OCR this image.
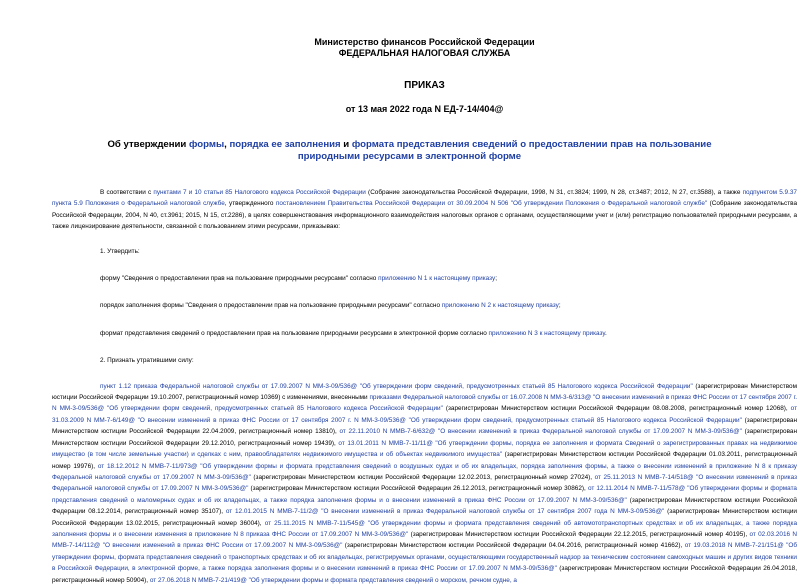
Министерство финансов Российской Федерации
ФЕДЕРАЛЬНАЯ НАЛОГОВАЯ СЛУЖБА
ПРИКАЗ
от 13 мая 2022 года N ЕД-7-14/404@
Об утверждении формы, порядка ее заполнения и формата представления сведений о предоставлении прав на пользование природными ресурсами в электронной форме

В соответствии с пунктами 7 и 10 статьи 85 Налогового кодекса Российской Федерации (Собрание законодательства Российской Федерации, 1998, N 31, ст.3824; 1999, N 28, ст.3487; 2012, N 27, ст.3588), а также подпунктом 5.9.37 пункта 5.9 Положения о Федеральной налоговой службе, утвержденного постановлением Правительства Российской Федерации от 30.09.2004 N 506 "Об утверждении Положения о Федеральной налоговой службе" (Собрание законодательства Российской Федерации, 2004, N 40, ст.3961; 2015, N 15, ст.2286), в целях совершенствования информационного взаимодействия налоговых органов с органами, осуществляющими учет и (или) регистрацию пользователей природными ресурсами, а также лицензирование деятельности, связанной с пользованием этими ресурсами, приказываю:

1. Утвердить:

форму "Сведения о предоставлении прав на пользование природными ресурсами" согласно приложению N 1 к настоящему приказу;

порядок заполнения формы "Сведения о предоставлении прав на пользование природными ресурсами" согласно приложению N 2 к настоящему приказу;

формат представления сведений о предоставлении прав на пользование природными ресурсами в электронной форме согласно приложению N 3 к настоящему приказу.

2. Признать утратившими силу:

пункт 1.12 приказа Федеральной налоговой службы от 17.09.2007 N ММ-3-09/536@ "Об утверждении форм сведений, предусмотренных статьей 85 Налогового кодекса Российской Федерации" (зарегистрирован Министерством юстиции Российской Федерации 19.10.2007, регистрационный номер 10369) с изменениями, внесенными приказами Федеральной налоговой службы от 16.07.2008 N ММ-3-6/313@ "О внесении изменений в приказ ФНС России от 17 сентября 2007 г. N ММ-3-09/536@ "Об утверждении форм сведений, предусмотренных статьей 85 Налогового кодекса Российской Федерации" (зарегистрирован Министерством юстиции Российской Федерации 08.08.2008, регистрационный номер 12068), от 31.03.2009 N ММ-7-6/149@ "О внесении изменений в приказ ФНС России от 17 сентября 2007 г. N ММ-3-09/536@ "Об утверждении форм сведений, предусмотренных статьей 85 Налогового кодекса Российской Федерации" (зарегистрирован Министерством юстиции Российской Федерации 22.04.2009, регистрационный номер 13810), от 22.11.2010 N ММВ-7-6/632@ "О внесении изменений в приказ Федеральной налоговой службы от 17.09.2007 N ММ-3-09/536@" (зарегистрирован Министерством юстиции Российской Федерации 29.12.2010, регистрационный номер 19439), от 13.01.2011 N ММВ-7-11/11@ "Об утверждении формы, порядка ее заполнения и формата Сведений о зарегистрированных правах на недвижимое имущество (в том числе земельные участки) и сделках с ним, правообладателях недвижимого имущества и об объектах недвижимого имущества" (зарегистрирован Министерством юстиции Российской Федерации 01.03.2011, регистрационный номер 19976), от 18.12.2012 N ММВ-7-11/973@ "Об утверждении формы и формата представления сведений о воздушных судах и об их владельцах, порядка заполнения формы, а также о внесении изменений в приложение N 8 к приказу Федеральной налоговой службы от 17.09.2007 N ММ-3-09/536@" (зарегистрирован Министерством юстиции Российской Федерации 12.02.2013, регистрационный номер 27024), от 25.11.2013 N ММВ-7-14/518@ "О внесении изменений в приказ Федеральной налоговой службы от 17.09.2007 N ММ-3-09/536@" (зарегистрирован Министерством юстиции Российской Федерации 26.12.2013, регистрационный номер 30862), от 12.11.2014 N ММВ-7-11/578@ "Об утверждении формы и формата представления сведений о маломерных судах и об их владельцах, а также порядка заполнения формы и о внесении изменений в приказ ФНС России от 17.09.2007 N ММ-3-09/536@" (зарегистрирован Министерством юстиции Российской Федерации 08.12.2014, регистрационный номер 35107), от 12.01.2015 N ММВ-7-11/2@ "О внесении изменений в приказ Федеральной налоговой службы от 17 сентября 2007 года N ММ-3-09/536@" (зарегистрирован Министерством юстиции Российской Федерации 13.02.2015, регистрационный номер 36004), от 25.11.2015 N ММВ-7-11/545@ "Об утверждении формы и формата представления сведений об автомототранспортных средствах и об их владельцах, а также порядка заполнения формы и о внесении изменения в приложение N 8 приказа ФНС России от 17.09.2007 N ММ-3-09/536@" (зарегистрирован Министерством юстиции Российской Федерации 22.12.2015, регистрационный номер 40195), от 02.03.2016 N ММВ-7-14/112@ "О внесении изменений в приказ ФНС России от 17.09.2007 N ММ-3-09/536@" (зарегистрирован Министерством юстиции Российской Федерации 04.04.2016, регистрационный номер 41662), от 19.03.2018 N ММВ-7-21/151@ "Об утверждении формы, формата представления сведений о транспортных средствах и об их владельцах, регистрируемых органами, осуществляющими государственный надзор за техническим состоянием самоходных машин и других видов техники в Российской Федерации, в электронной форме, а также порядка заполнения формы и о внесении изменений в приказ ФНС России от 17.09.2007 N ММ-3-09/536@" (зарегистрирован Министерством юстиции Российской Федерации 26.04.2018, регистрационный номер 50904), от 27.06.2018 N ММВ-7-21/419@ "Об утверждении формы и формата представления сведений о морском, речном судне, а
